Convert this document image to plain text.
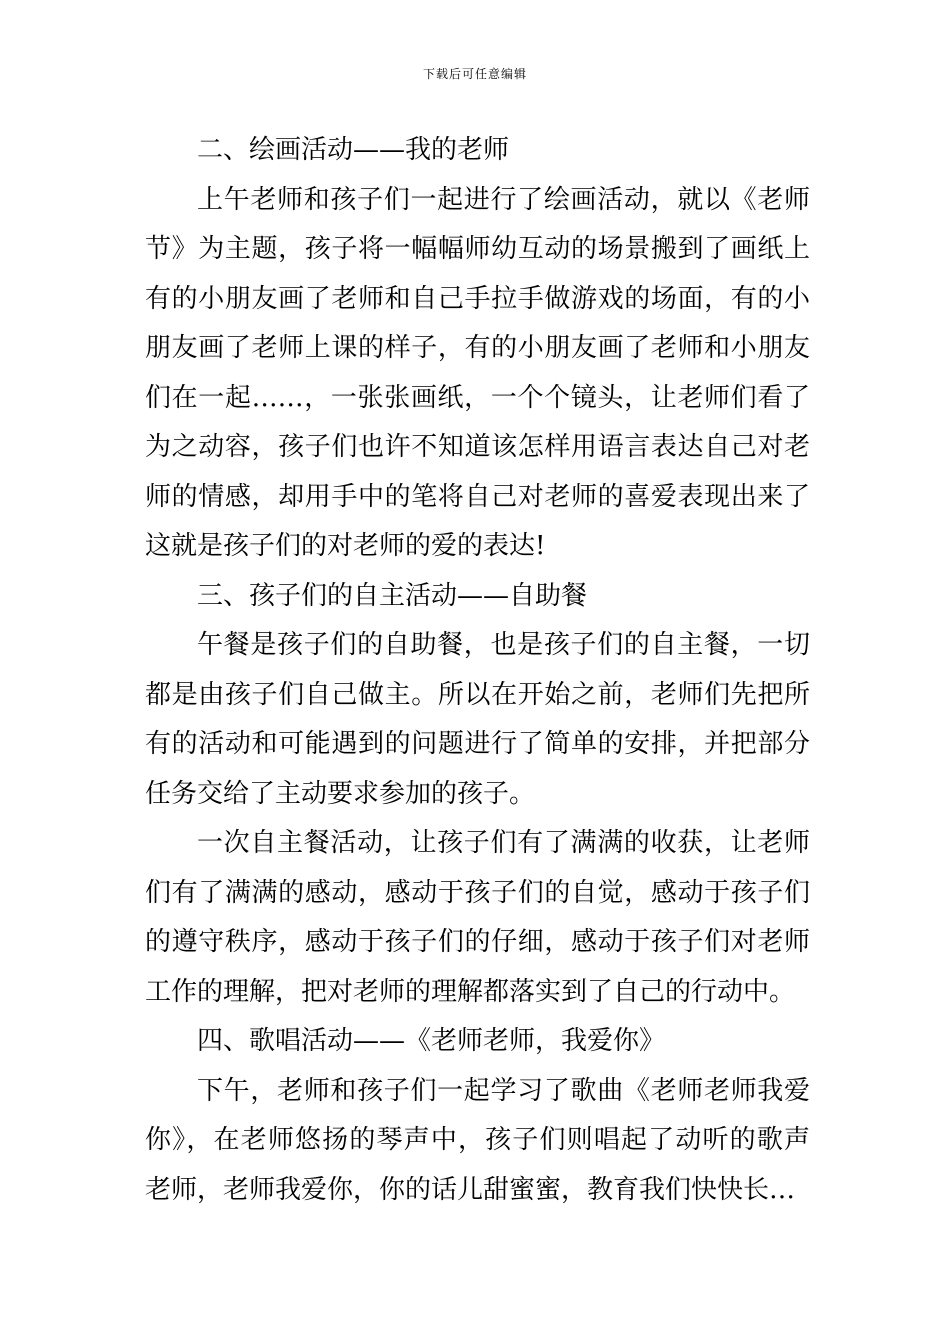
下载后可任意编辑

二、绘画活动——我的老师

上午老师和孩子们一起进行了绘画活动，就以《老师
节》为主题，孩子将一幅幅师幼互动的场景搬到了画纸上
有的小朋友画了老师和自己手拉手做游戏的场面，有的小
朋友画了老师上课的样子，有的小朋友画了老师和小朋友
们在一起……，一张张画纸，一个个镜头，让老师们看了
为之动容，孩子们也许不知道该怎样用语言表达自己对老
师的情感，却用手中的笔将自己对老师的喜爱表现出来了
这就是孩子们的对老师的爱的表达!

三、孩子们的自主活动——自助餐

午餐是孩子们的自助餐，也是孩子们的自主餐，一切
都是由孩子们自己做主。所以在开始之前，老师们先把所
有的活动和可能遇到的问题进行了简单的安排，并把部分
任务交给了主动要求参加的孩子。

一次自主餐活动，让孩子们有了满满的收获，让老师
们有了满满的感动，感动于孩子们的自觉，感动于孩子们
的遵守秩序，感动于孩子们的仔细，感动于孩子们对老师
工作的理解，把对老师的理解都落实到了自己的行动中。

四、歌唱活动——《老师老师，我爱你》

下午，老师和孩子们一起学习了歌曲《老师老师我爱
你》，在老师悠扬的琴声中，孩子们则唱起了动听的歌声
老师，老师我爱你，你的话儿甜蜜蜜，教育我们快快长…
